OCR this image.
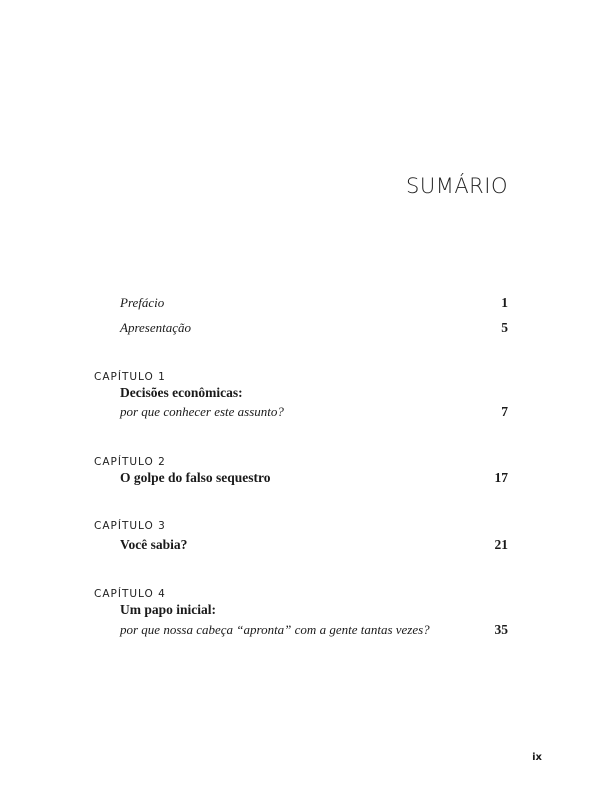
SUMÁRIO
Prefácio	1
Apresentação	5
CAPÍTULO 1
Decisões econômicas:
por que conhecer este assunto?	7
CAPÍTULO 2
O golpe do falso sequestro	17
CAPÍTULO 3
Você sabia?	21
CAPÍTULO 4
Um papo inicial:
por que nossa cabeça “apronta” com a gente tantas vezes?	35
ix
